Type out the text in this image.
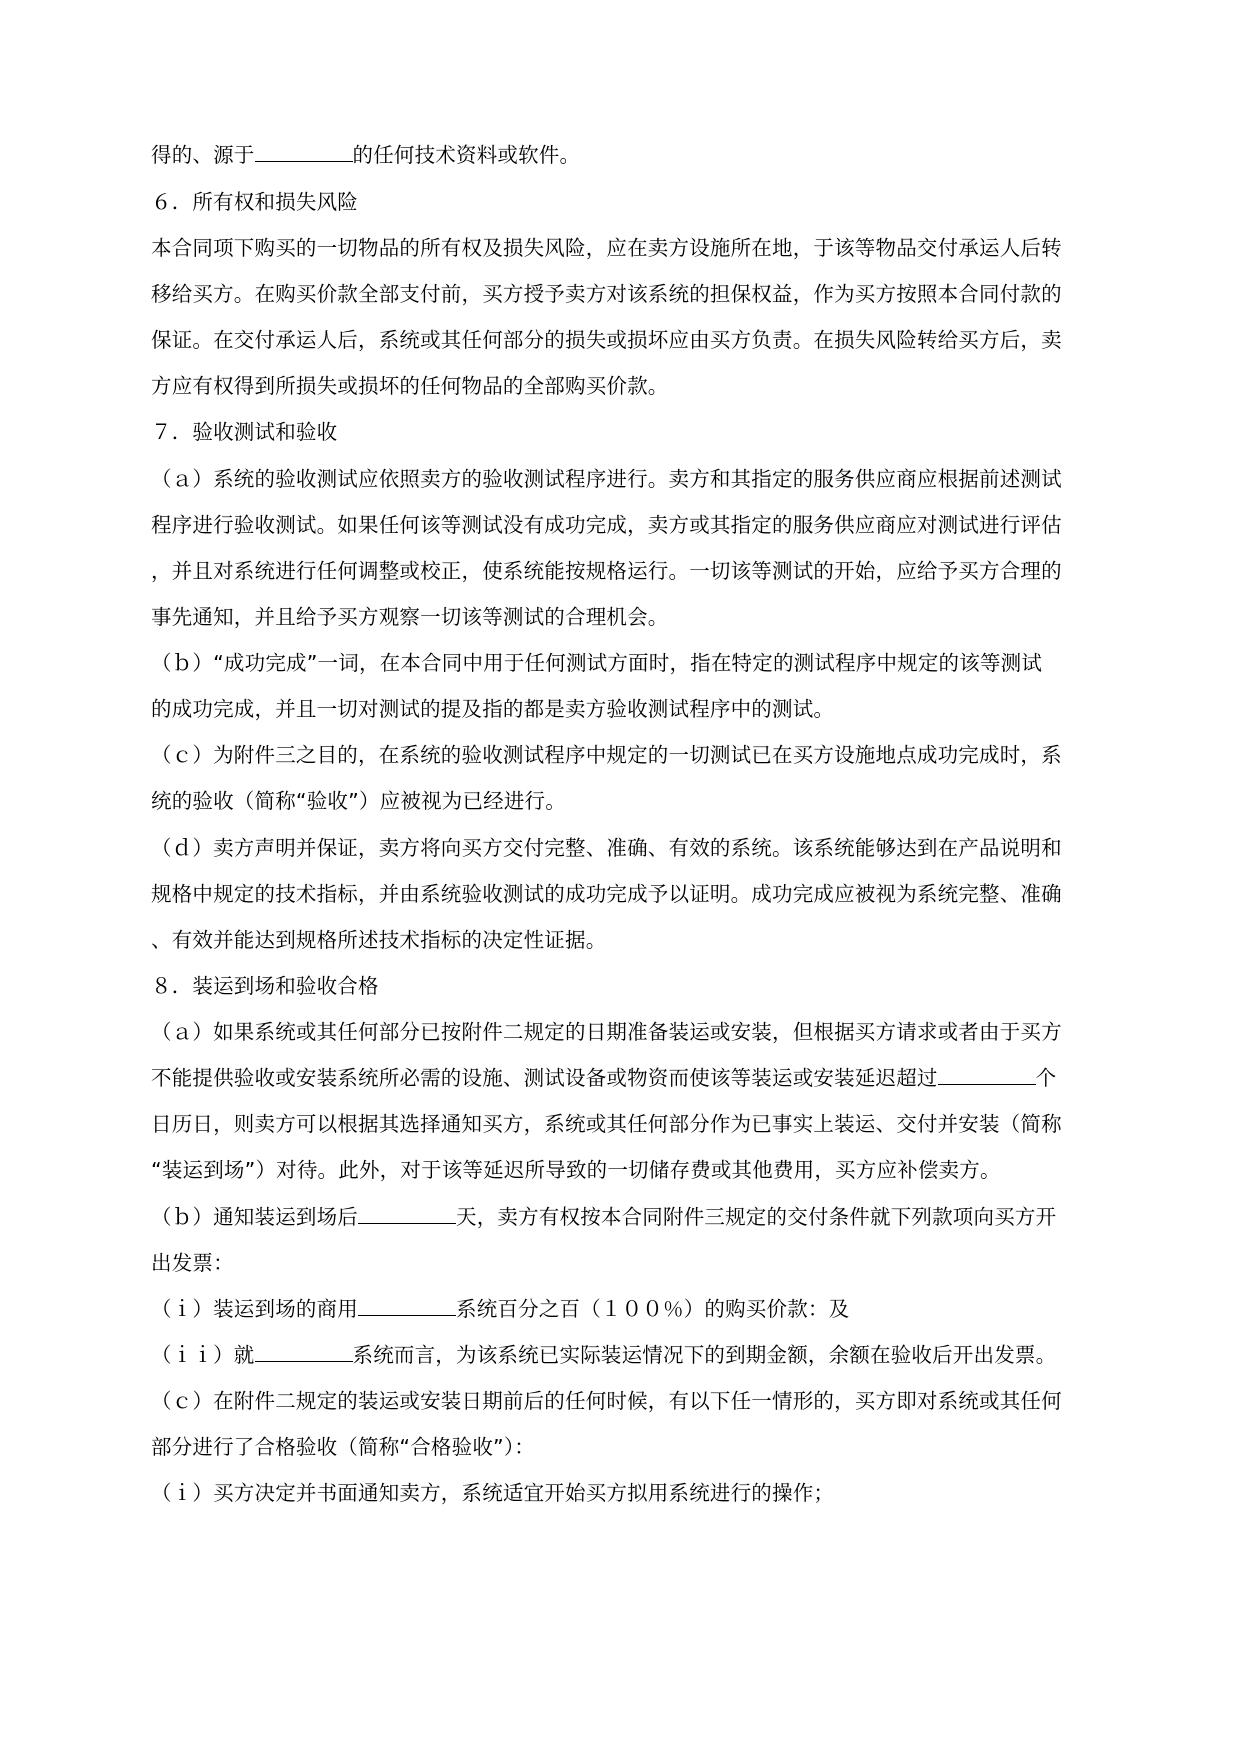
得的、源于	的任何技术资料或软件。
６．所有权和损失风险
本合同项下购买的一切物品的所有权及损失风险，应在卖方设施所在地，于该等物品交付承运人后转
移给买方。在购买价款全部支付前，买方授予卖方对该系统的担保权益，作为买方按照本合同付款的
保证。在交付承运人后，系统或其任何部分的损失或损坏应由买方负责。在损失风险转给买方后，卖
方应有权得到所损失或损坏的任何物品的全部购买价款。
７．验收测试和验收
（ａ）系统的验收测试应依照卖方的验收测试程序进行。卖方和其指定的服务供应商应根据前述测试
程序进行验收测试。如果任何该等测试没有成功完成，卖方或其指定的服务供应商应对测试进行评估
，并且对系统进行任何调整或校正，使系统能按规格运行。一切该等测试的开始，应给予买方合理的
事先通知，并且给予买方观察一切该等测试的合理机会。
（ｂ）“成功完成”一词，在本合同中用于任何测试方面时，指在特定的测试程序中规定的该等测试
的成功完成，并且一切对测试的提及指的都是卖方验收测试程序中的测试。
（ｃ）为附件三之目的，在系统的验收测试程序中规定的一切测试已在买方设施地点成功完成时，系
统的验收（简称“验收”）应被视为已经进行。
（ｄ）卖方声明并保证，卖方将向买方交付完整、准确、有效的系统。该系统能够达到在产品说明和
规格中规定的技术指标，并由系统验收测试的成功完成予以证明。成功完成应被视为系统完整、准确
、有效并能达到规格所述技术指标的决定性证据。
８．装运到场和验收合格
（ａ）如果系统或其任何部分已按附件二规定的日期准备装运或安装，但根据买方请求或者由于买方
不能提供验收或安装系统所必需的设施、测试设备或物资而使该等装运或安装延迟超过	个
日历日，则卖方可以根据其选择通知买方，系统或其任何部分作为已事实上装运、交付并安装（简称
“装运到场”）对待。此外，对于该等延迟所导致的一切储存费或其他费用，买方应补偿卖方。
（ｂ）通知装运到场后	天，卖方有权按本合同附件三规定的交付条件就下列款项向买方开
出发票：
（ｉ）装运到场的商用	系统百分之百（１００％）的购买价款：及
（ｉｉ）就	系统而言，为该系统已实际装运情况下的到期金额，余额在验收后开出发票。
（ｃ）在附件二规定的装运或安装日期前后的任何时候，有以下任一情形的，买方即对系统或其任何
部分进行了合格验收（简称“合格验收”）：
（ｉ）买方决定并书面通知卖方，系统适宜开始买方拟用系统进行的操作；
